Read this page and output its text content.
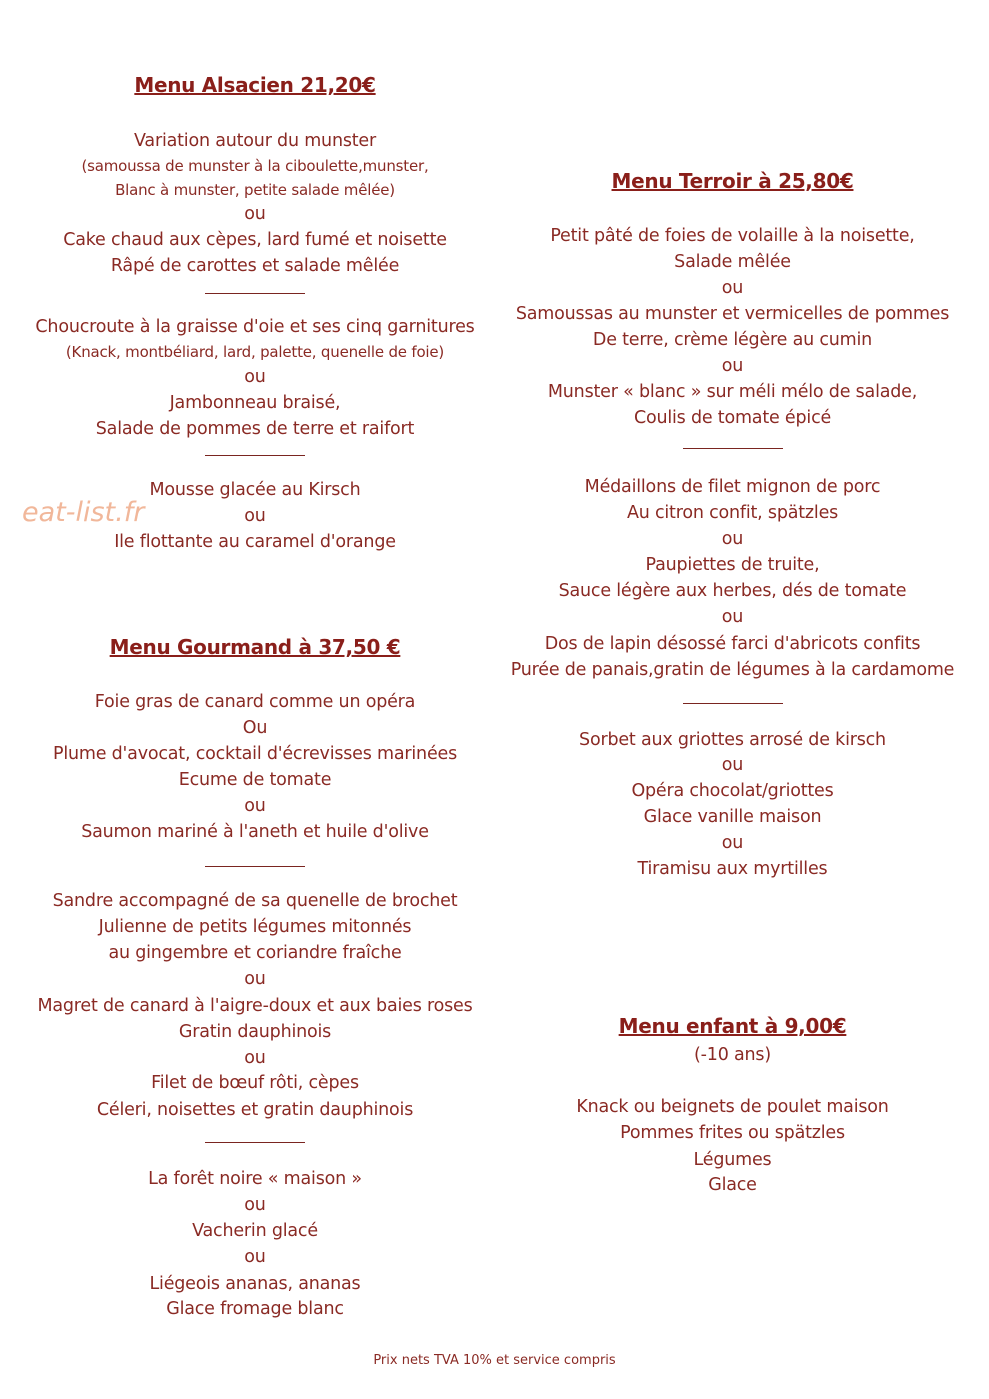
eat-list.fr
Menu Alsacien 21,20€
Variation autour du munster
(samoussa de munster à la ciboulette,munster,
Blanc à munster, petite salade mêlée)
ou
Cake chaud aux cèpes, lard fumé et noisette
Râpé de carottes et salade mêlée
Choucroute à la graisse d'oie et ses cinq garnitures
(Knack, montbéliard, lard, palette, quenelle de foie)
ou
Jambonneau braisé,
Salade de pommes de terre et raifort
Mousse glacée au Kirsch
ou
Ile flottante au caramel d'orange
Menu Gourmand à 37,50 €
Foie gras de canard comme un opéra
Ou
Plume d'avocat, cocktail d'écrevisses marinées
Ecume de tomate
ou
Saumon mariné à l'aneth et huile d'olive
Sandre accompagné de sa quenelle de brochet
Julienne de petits légumes mitonnés
au gingembre et coriandre fraîche
ou
Magret de canard à l'aigre-doux et aux baies roses
Gratin dauphinois
ou
Filet de bœuf rôti, cèpes
Céleri, noisettes et gratin dauphinois
La forêt noire « maison »
ou
Vacherin glacé
ou
Liégeois ananas, ananas
Glace fromage blanc
Menu Terroir à 25,80€
Petit pâté de foies de volaille à la noisette,
Salade mêlée
ou
Samoussas au munster et vermicelles de pommes
De terre, crème légère au cumin
ou
Munster « blanc » sur méli mélo de salade,
Coulis de tomate épicé
Médaillons de filet mignon de porc
Au citron confit, spätzles
ou
Paupiettes de truite,
Sauce légère aux herbes, dés de tomate
ou
Dos de lapin désossé farci d'abricots confits
Purée de panais,gratin de légumes à la cardamome
Sorbet aux griottes arrosé de kirsch
ou
Opéra chocolat/griottes
Glace vanille maison
ou
Tiramisu aux myrtilles
Menu enfant à 9,00€
(-10 ans)
Knack ou beignets de poulet maison
Pommes frites ou spätzles
Légumes
Glace
Prix nets TVA 10% et service compris
